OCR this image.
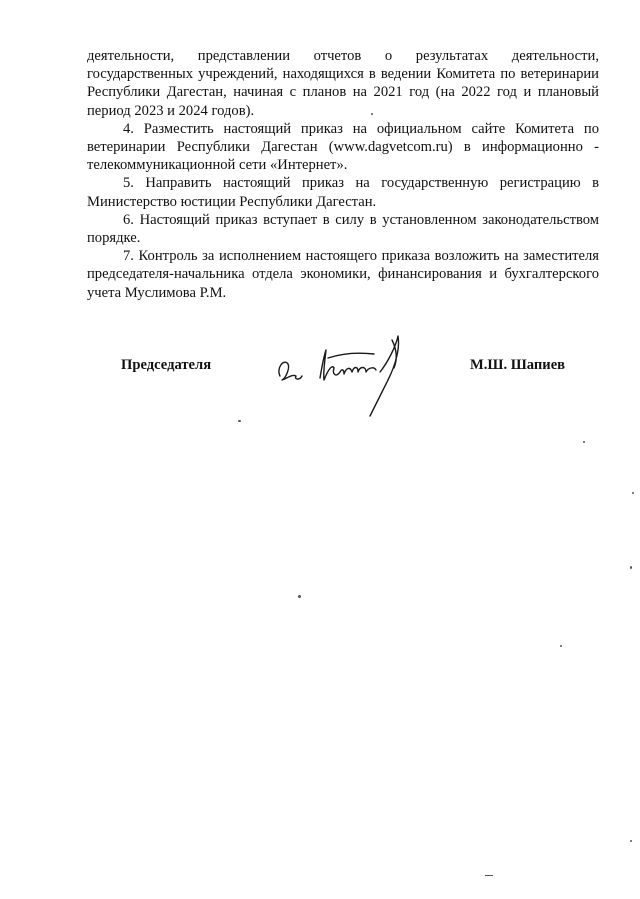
деятельности, представлении отчетов о результатах деятельности, государственных учреждений, находящихся в ведении Комитета по ветеринарии Республики Дагестан, начиная с планов на 2021 год (на 2022 год и плановый период 2023 и 2024 годов).

4. Разместить настоящий приказ на официальном сайте Комитета по ветеринарии Республики Дагестан (www.dagvetcom.ru) в информационно - телекоммуникационной сети «Интернет».

5. Направить настоящий приказ на государственную регистрацию в Министерство юстиции Республики Дагестан.

6. Настоящий приказ вступает в силу в установленном законодательством порядке.

7. Контроль за исполнением настоящего приказа возложить на заместителя председателя-начальника отдела экономики, финансирования и бухгалтерского учета Муслимова Р.М.

Председателя	М.Ш. Шапиев
